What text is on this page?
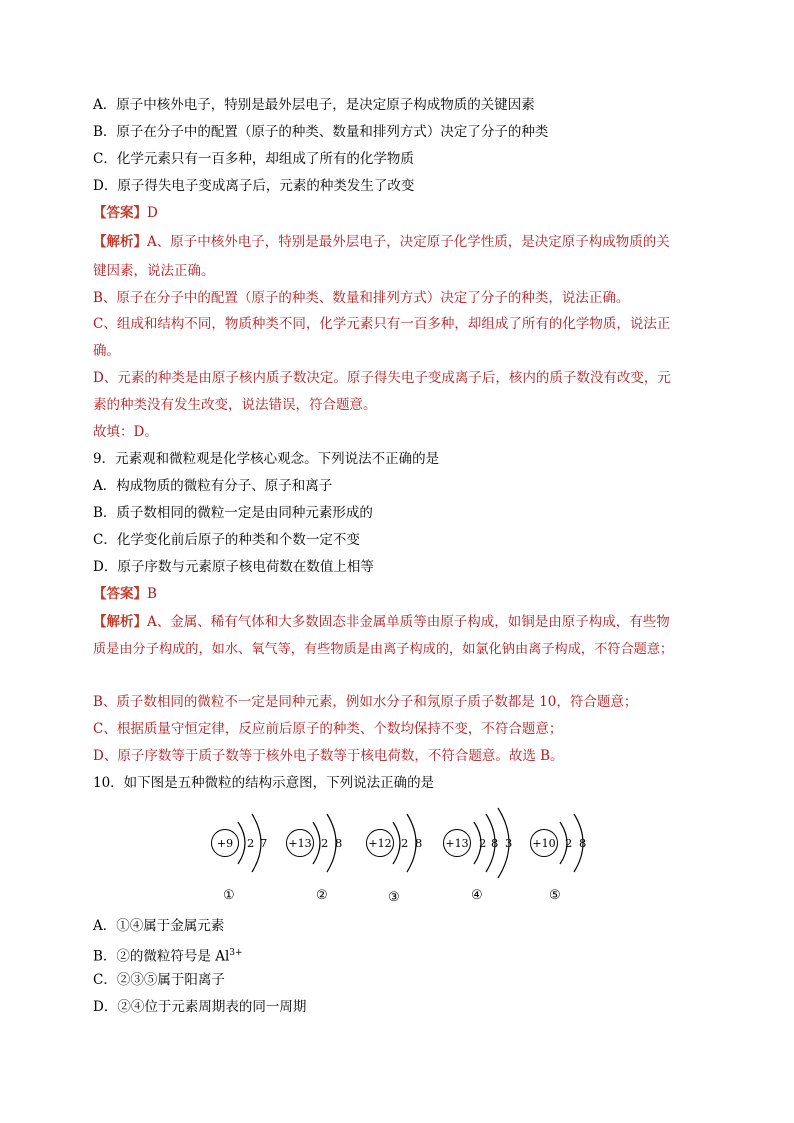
A．原子中核外电子，特别是最外层电子，是决定原子构成物质的关键因素
B．原子在分子中的配置（原子的种类、数量和排列方式）决定了分子的种类
C．化学元素只有一百多种，却组成了所有的化学物质
D．原子得失电子变成离子后，元素的种类发生了改变
【答案】D
【解析】A、原子中核外电子，特别是最外层电子，决定原子化学性质，是决定原子构成物质的关
键因素，说法正确。
B、原子在分子中的配置（原子的种类、数量和排列方式）决定了分子的种类，说法正确。
C、组成和结构不同，物质种类不同，化学元素只有一百多种，却组成了所有的化学物质，说法正
确。
D、元素的种类是由原子核内质子数决定。原子得失电子变成离子后，核内的质子数没有改变，元
素的种类没有发生改变，说法错误，符合题意。
故填：D。
9．元素观和微粒观是化学核心观念。下列说法不正确的是
A．构成物质的微粒有分子、原子和离子
B．质子数相同的微粒一定是由同种元素形成的
C．化学变化前后原子的种类和个数一定不变
D．原子序数与元素原子核电荷数在数值上相等
【答案】B
【解析】A、金属、稀有气体和大多数固态非金属单质等由原子构成，如铜是由原子构成，有些物
质是由分子构成的，如水、氧气等，有些物质是由离子构成的，如氯化钠由离子构成，不符合题意；
B、质子数相同的微粒不一定是同种元素，例如水分子和氖原子质子数都是 10，符合题意；
C、根据质量守恒定律，反应前后原子的种类、个数均保持不变，不符合题意；
D、原子序数等于质子数等于核外电子数等于核电荷数，不符合题意。故选 B。
10．如下图是五种微粒的结构示意图，下列说法正确的是
+9	2 7
①
+13 2 8
②
+12 2 8
③
+13 2 8 3
④
+10 2 8
⑤
A．①④属于金属元素
B．②的微粒符号是 $Al^{3+}$
C．②③⑤属于阳离子
D．②④位于元素周期表的同一周期
